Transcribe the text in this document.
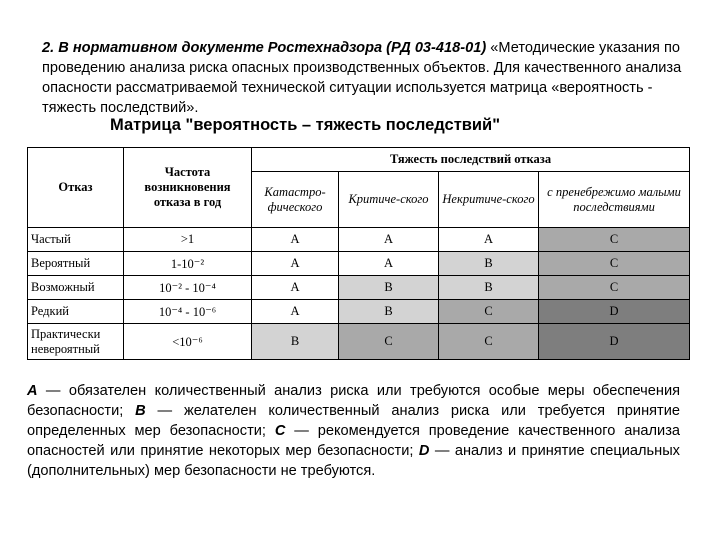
2. В нормативном документе Ростехнадзора (РД 03-418-01) «Методические указания по проведению анализа риска опасных производственных объектов. Для качественного анализа опасности рассматриваемой технической ситуации используется матрица «вероятность - тяжесть последствий».

Матрица "вероятность – тяжесть последствий"
Отказ	Частота возникновения отказа в год	Тяжесть последствий отказа			
		Катастро-фического	Критиче-ского	Некритиче-ского	с пренебрежимо малыми последствиями
Частый	>1	A	A	A	C
Вероятный	1-10⁻²	A	A	B	C
Возможный	10⁻² - 10⁻⁴	A	B	B	C
Редкий	10⁻⁴ - 10⁻⁶	A	B	C	D
Практически невероятный	<10⁻⁶	B	C	C	D

A — обязателен количественный анализ риска или требуются особые меры обеспечения безопасности; B — желателен количественный анализ риска или требуется принятие определенных мер безопасности; C — рекомендуется проведение качественного анализа опасностей или принятие некоторых мер безопасности; D — анализ и принятие специальных (дополнительных) мер безопасности не требуются.
